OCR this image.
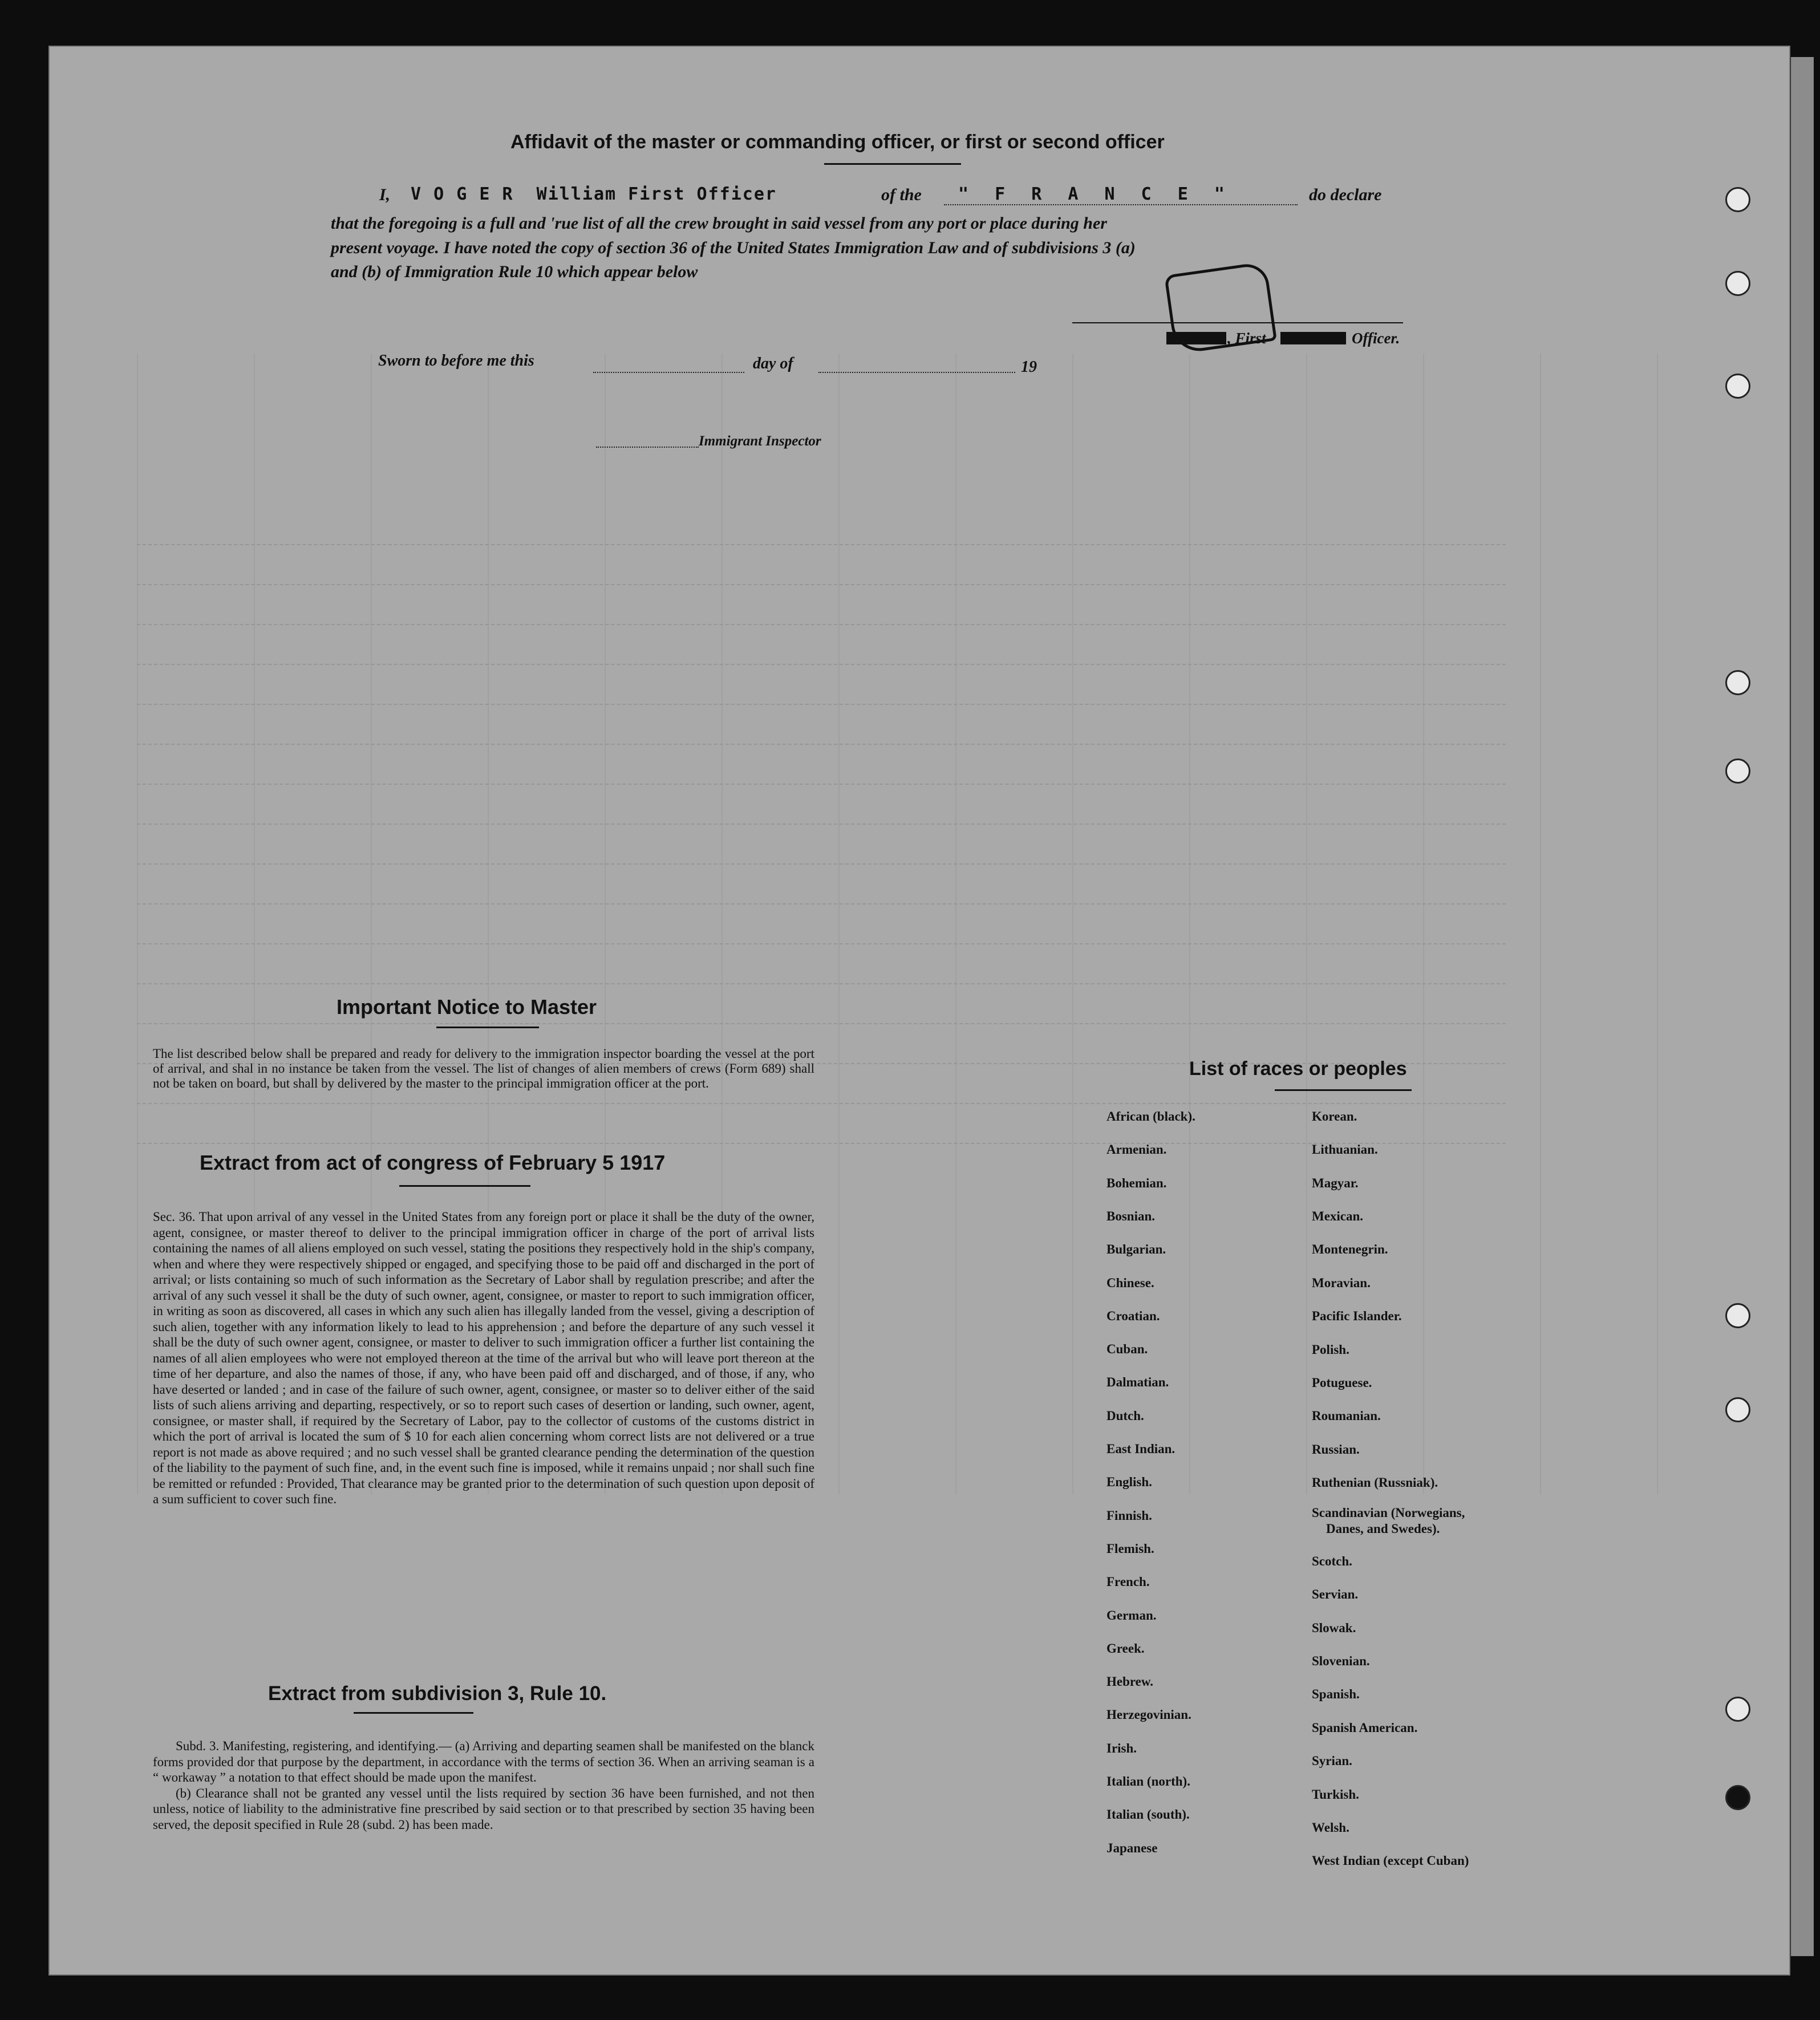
Affidavit of the master or commanding officer, or first or second officer
I, V O G E R  William First Officer	of the " F R A N C E "	do declare
that the foregoing is a full and 'rue list of all the crew brought in said vessel from any port or place during her
present voyage. I have noted the copy of section 36 of the United States Immigration Law and of subdivisions 3 (a)
and (b) of Immigration Rule 10 which appear below
, First	Officer.
Sworn to before me this	day of	19
Immigrant Inspector
Important Notice to Master
The list described below shall be prepared and ready for delivery to the immigration inspector boarding the vessel at the port of arrival, and shal in no instance be taken from the vessel. The list of changes of alien members of crews (Form 689) shall not be taken on board, but shall by delivered by the master to the principal immigration officer at the port.
Extract from act of congress of February 5 1917
Sec. 36. That upon arrival of any vessel in the United States from any foreign port or place it shall be the duty of the owner, agent, consignee, or master thereof to deliver to the principal immigration officer in charge of the port of arrival lists containing the names of all aliens employed on such vessel, stating the positions they respectively hold in the ship's company, when and where they were respectively shipped or engaged, and specifying those to be paid off and discharged in the port of arrival; or lists containing so much of such information as the Secretary of Labor shall by regulation prescribe; and after the arrival of any such vessel it shall be the duty of such owner, agent, consignee, or master to report to such immigration officer, in writing as soon as discovered, all cases in which any such alien has illegally landed from the vessel, giving a description of such alien, together with any information likely to lead to his apprehension ; and before the departure of any such vessel it shall be the duty of such owner agent, consignee, or master to deliver to such immigration officer a further list containing the names of all alien employees who were not employed thereon at the time of the arrival but who will leave port thereon at the time of her departure, and also the names of those, if any, who have been paid off and discharged, and of those, if any, who have deserted or landed ; and in case of the failure of such owner, agent, consignee, or master so to deliver either of the said lists of such aliens arriving and departing, respectively, or so to report such cases of desertion or landing, such owner, agent, consignee, or master shall, if required by the Secretary of Labor, pay to the collector of customs of the customs district in which the port of arrival is located the sum of $ 10 for each alien concerning whom correct lists are not delivered or a true report is not made as above required ; and no such vessel shall be granted clearance pending the determination of the question of the liability to the payment of such fine, and, in the event such fine is imposed, while it remains unpaid ; nor shall such fine be remitted or refunded : Provided, That clearance may be granted prior to the determination of such question upon deposit of a sum sufficient to cover such fine.
Extract from subdivision 3, Rule 10.
Subd. 3. Manifesting, registering, and identifying.— (a) Arriving and departing seamen shall be manifested on the blanck forms provided dor that purpose by the department, in accordance with the terms of section 36. When an arriving seaman is a “ workaway ” a notation to that effect should be made upon the manifest.
(b) Clearance shall not be granted any vessel until the lists required by section 36 have been furnished, and not then unless, notice of liability to the administrative fine prescribed by said section or to that prescribed by section 35 having been served, the deposit specified in Rule 28 (subd. 2) has been made.
List of races or peoples
African (black).
Armenian.
Bohemian.
Bosnian.
Bulgarian.
Chinese.
Croatian.
Cuban.
Dalmatian.
Dutch.
East Indian.
English.
Finnish.
Flemish.
French.
German.
Greek.
Hebrew.
Herzegovinian.
Irish.
Italian (north).
Italian (south).
Japanese
Korean.
Lithuanian.
Magyar.
Mexican.
Montenegrin.
Moravian.
Pacific Islander.
Polish.
Potuguese.
Roumanian.
Russian.
Ruthenian (Russniak).
Scandinavian (Norwegians,
Danes, and Swedes).
Scotch.
Servian.
Slowak.
Slovenian.
Spanish.
Spanish American.
Syrian.
Turkish.
Welsh.
West Indian (except Cuban)
